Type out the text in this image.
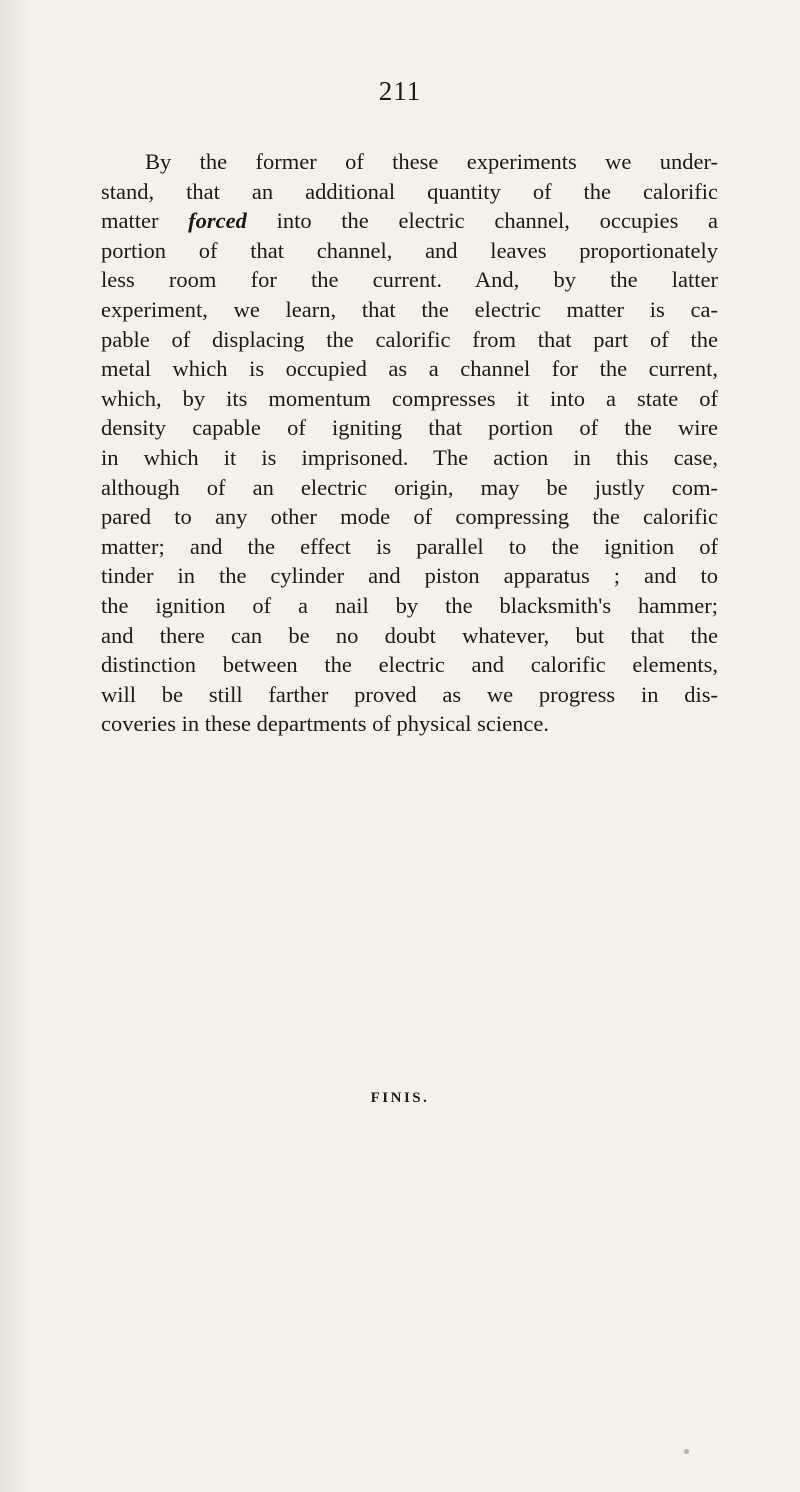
211

By the former of these experiments we under-
stand, that an additional quantity of the calorific
matter forced into the electric channel, occupies a
portion of that channel, and leaves proportionately
less room for the current. And, by the latter
experiment, we learn, that the electric matter is ca-
pable of displacing the calorific from that part of the
metal which is occupied as a channel for the current,
which, by its momentum compresses it into a state of
density capable of igniting that portion of the wire
in which it is imprisoned. The action in this case,
although of an electric origin, may be justly com-
pared to any other mode of compressing the calorific
matter; and the effect is parallel to the ignition of
tinder in the cylinder and piston apparatus ; and to
the ignition of a nail by the blacksmith's hammer;
and there can be no doubt whatever, but that the
distinction between the electric and calorific elements,
will be still farther proved as we progress in dis-
coveries in these departments of physical science.

FINIS.
